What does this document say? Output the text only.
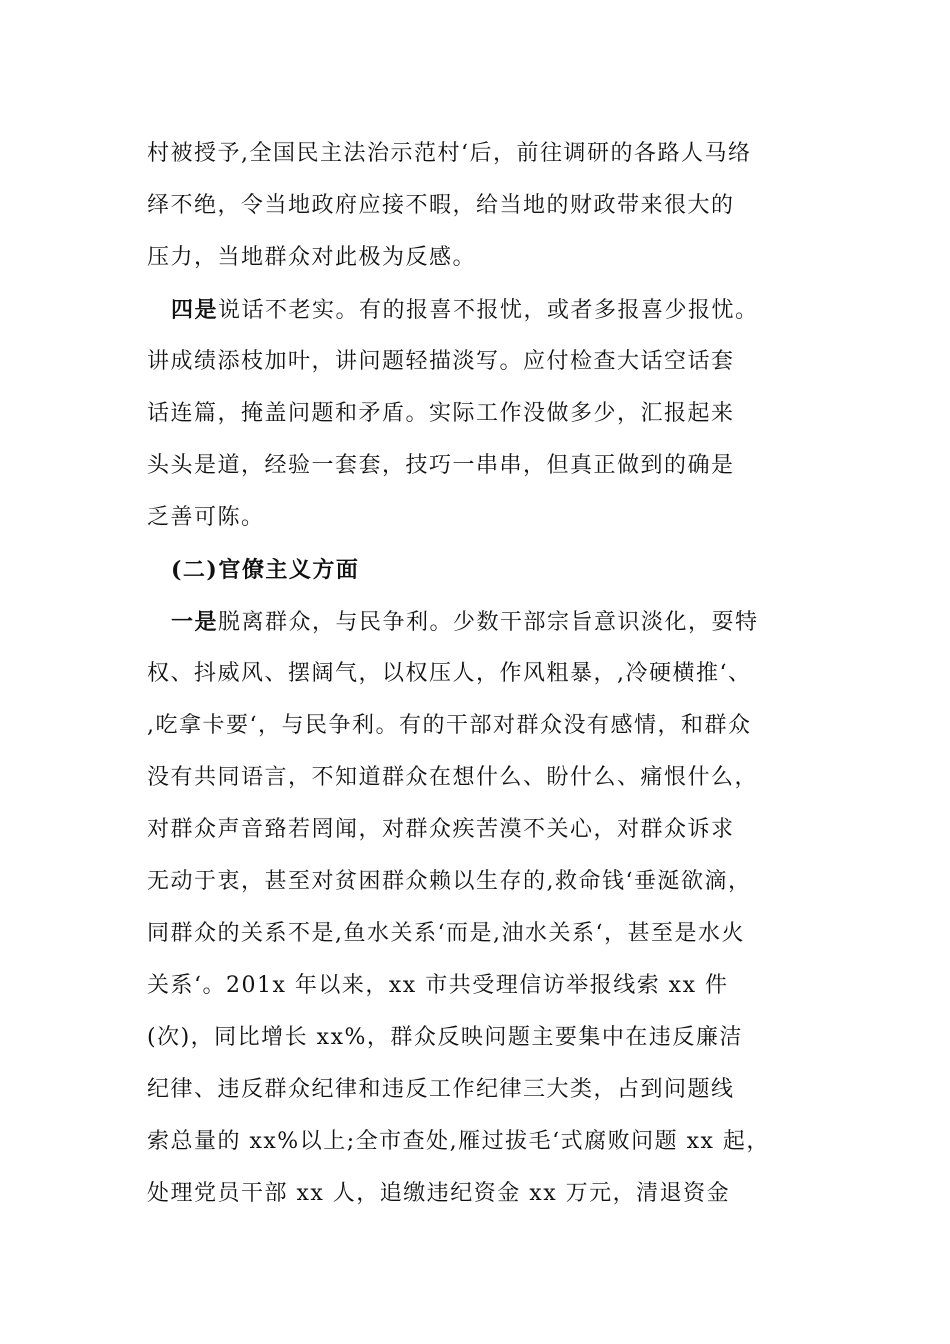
村被授予,全国民主法治示范村‘后，前往调研的各路人马络
绎不绝，令当地政府应接不暇，给当地的财政带来很大的
压力，当地群众对此极为反感。
四是说话不老实。有的报喜不报忧，或者多报喜少报忧。
讲成绩添枝加叶，讲问题轻描淡写。应付检查大话空话套
话连篇，掩盖问题和矛盾。实际工作没做多少，汇报起来
头头是道，经验一套套，技巧一串串，但真正做到的确是
乏善可陈。
(二)官僚主义方面
一是脱离群众，与民争利。少数干部宗旨意识淡化，耍特
权、抖威风、摆阔气，以权压人，作风粗暴，,冷硬横推‘、
,吃拿卡要‘，与民争利。有的干部对群众没有感情，和群众
没有共同语言，不知道群众在想什么、盼什么、痛恨什么，
对群众声音臵若罔闻，对群众疾苦漠不关心，对群众诉求
无动于衷，甚至对贫困群众赖以生存的,救命钱‘垂涎欲滴，
同群众的关系不是,鱼水关系‘而是,油水关系‘，甚至是水火
关系‘。201x 年以来，xx 市共受理信访举报线索 xx 件
(次)，同比增长 xx%，群众反映问题主要集中在违反廉洁
纪律、违反群众纪律和违反工作纪律三大类，占到问题线
索总量的 xx%以上;全市查处,雁过拔毛‘式腐败问题 xx 起，
处理党员干部 xx 人，追缴违纪资金 xx 万元，清退资金
